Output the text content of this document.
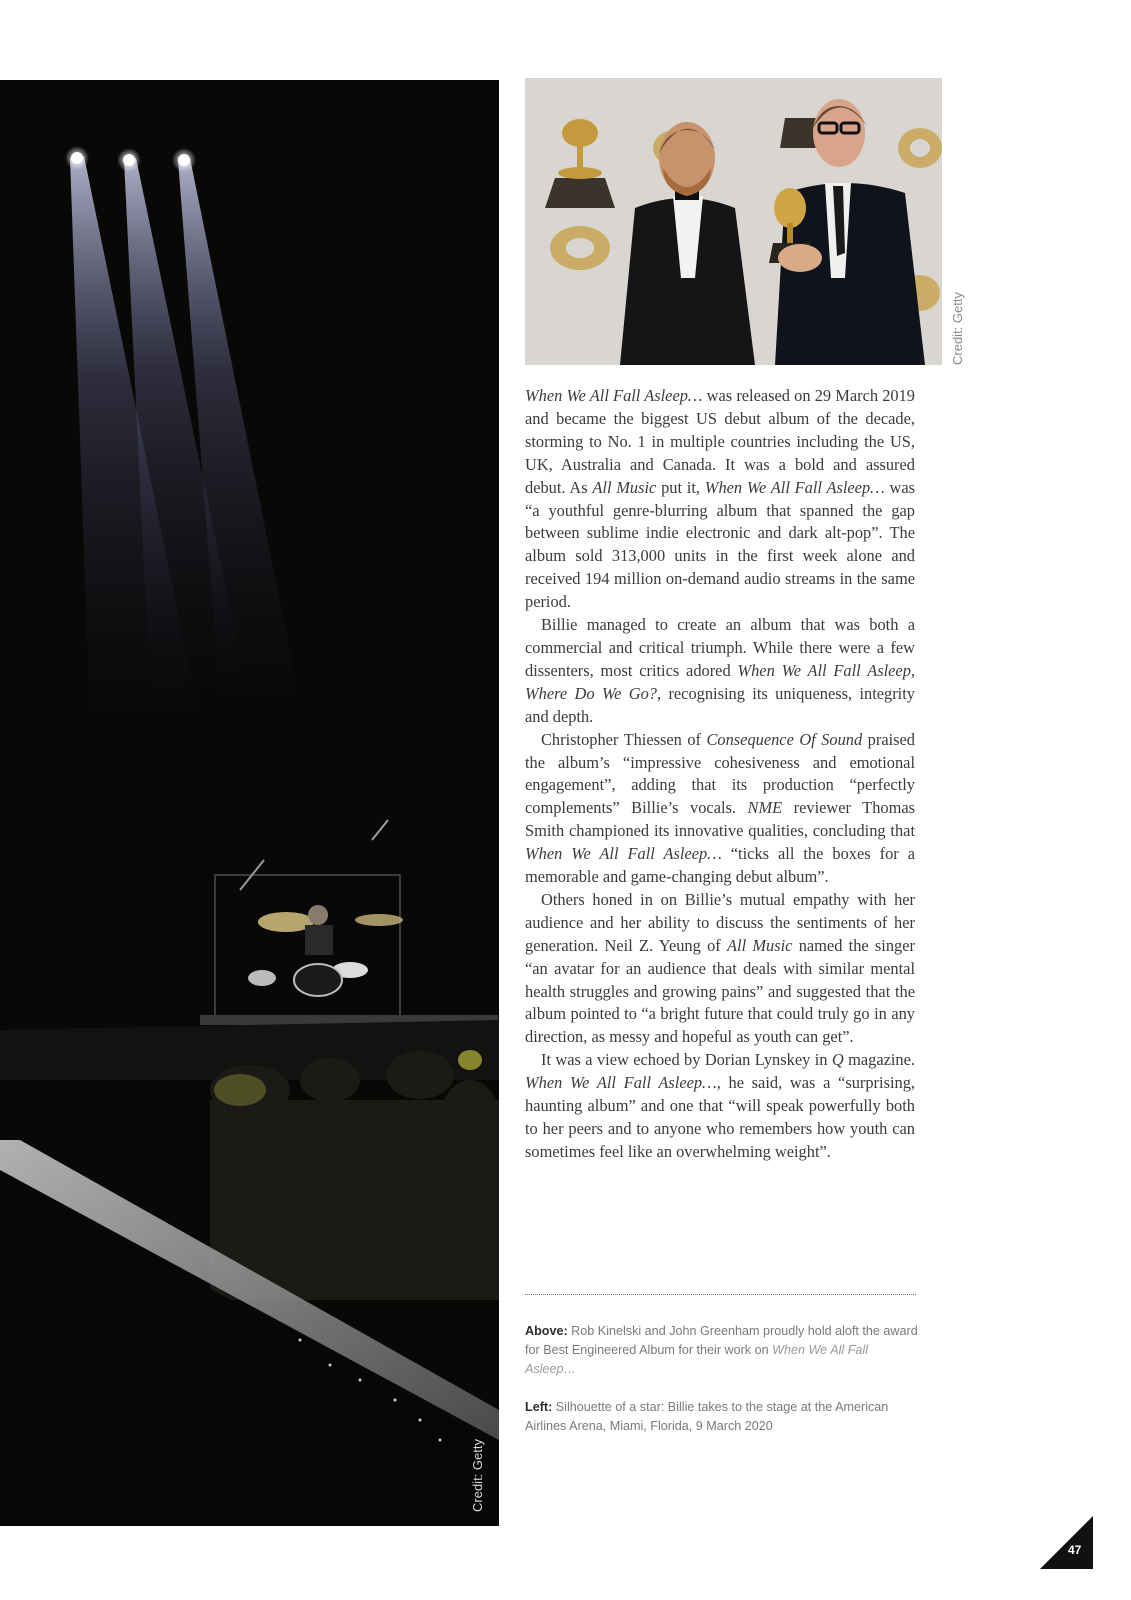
Credit: Getty
Credit: Getty

When We All Fall Asleep… was released on 29 March 2019 and became the biggest US debut album of the decade, storming to No. 1 in multiple countries including the US, UK, Australia and Canada. It was a bold and assured debut. As All Music put it, When We All Fall Asleep… was “a youthful genre-blurring album that spanned the gap between sublime indie electronic and dark alt-pop”. The album sold 313,000 units in the first week alone and received 194 million on-demand audio streams in the same period.

Billie managed to create an album that was both a commercial and critical triumph. While there were a few dissenters, most critics adored When We All Fall Asleep, Where Do We Go?, recognising its uniqueness, integrity and depth.

Christopher Thiessen of Consequence Of Sound praised the album’s “impressive cohesiveness and emotional engagement”, adding that its production “perfectly complements” Billie’s vocals. NME reviewer Thomas Smith championed its innovative qualities, concluding that When We All Fall Asleep… “ticks all the boxes for a memorable and game-changing debut album”.

Others honed in on Billie’s mutual empathy with her audience and her ability to discuss the sentiments of her generation. Neil Z. Yeung of All Music named the singer “an avatar for an audience that deals with similar mental health struggles and growing pains” and suggested that the album pointed to “a bright future that could truly go in any direction, as messy and hopeful as youth can get”.

It was a view echoed by Dorian Lynskey in Q magazine. When We All Fall Asleep…, he said, was a “surprising, haunting album” and one that “will speak powerfully both to her peers and to anyone who remembers how youth can sometimes feel like an overwhelming weight”.

Above: Rob Kinelski and John Greenham proudly hold aloft the award for Best Engineered Album for their work on When We All Fall Asleep…
Left: Silhouette of a star: Billie takes to the stage at the American Airlines Arena, Miami, Florida, 9 March 2020
47
